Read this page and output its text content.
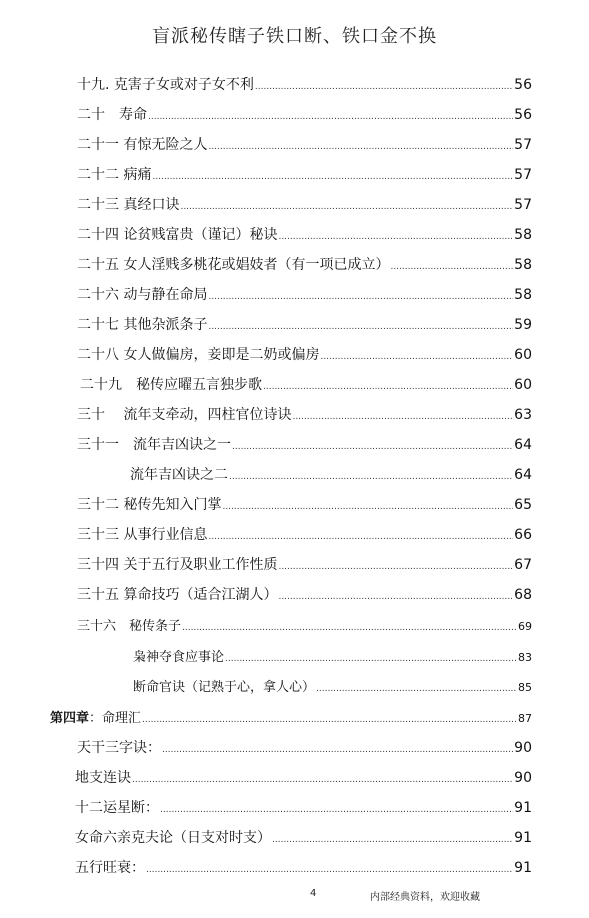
盲派秘传瞎子铁口断、铁口金不换
十九. 克害子女或对子女不利 .....	56
二十　寿命 .....	56
二十一 有惊无险之人 .....	57
二十二 病痛 .....	57
二十三 真经口诀 .....	57
二十四 论贫贱富贵（谨记）秘诀 .....	58
二十五 女人淫贱多桃花或娼妓者（有一项已成立） .....	58
二十六 动与静在命局 .....	58
二十七 其他杂派条子 .....	59
二十八 女人做偏房，妾即是二奶或偏房 .....	60
二十九　秘传应曜五言独步歌 .....	60
三十　 流年支牵动，四柱官位诗诀 .....	63
三十一　流年吉凶诀之一 .....	64
流年吉凶诀之二 .....	64
三十二 秘传先知入门掌 .....	65
三十三 从事行业信息 .....	66
三十四 关于五行及职业工作性质 .....	67
三十五 算命技巧（适合江湖人） .....	68
三十六　秘传条子 .....	69
枭神夺食应事论 .....	83
断命官诀（记熟于心，拿人心） .....	85
第四章：命理汇 .....	87
天干三字诀： .....	90
地支连诀 .....	90
十二运星断： .....	91
女命六亲克夫论（日支对时支） .....	91
五行旺衰： .....	91
4	内部经典资料，欢迎收藏
